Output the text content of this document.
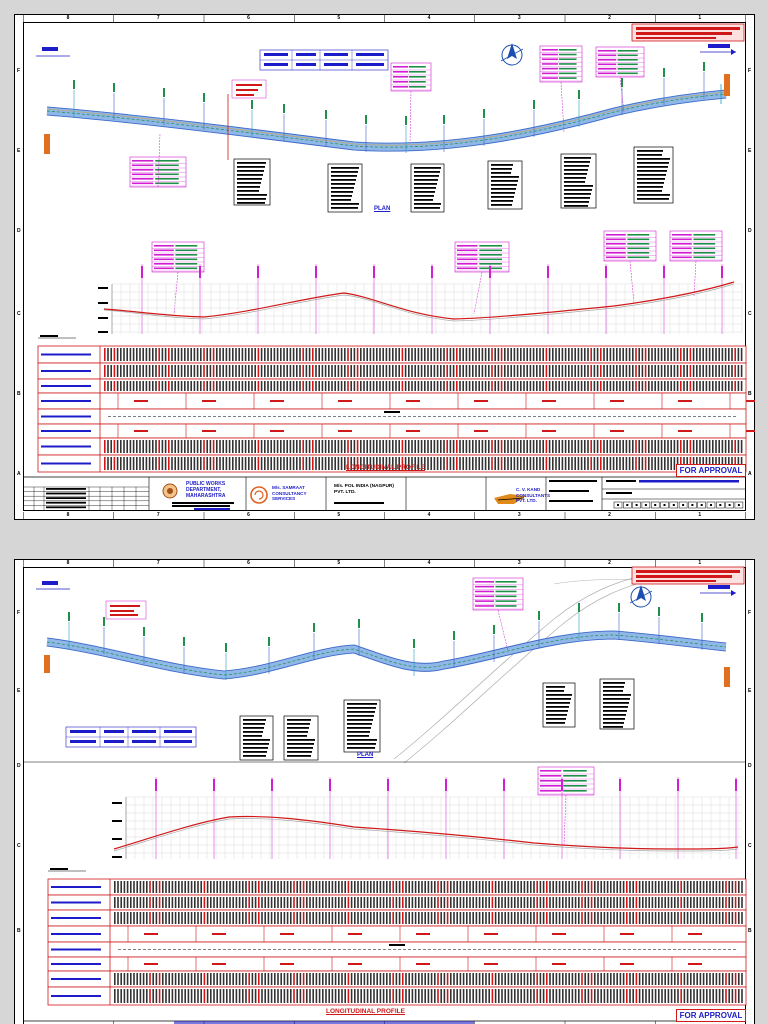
PLAN
LONGITUDINAL PROFILE	FOR APPROVAL
PUBLIC WORKS DEPARTMENT, MAHARASHTRA
M/s. SAMRAAT CONSULTANCY SERVICES
M/s. POL INDIA (NAGPUR) PVT. LTD.
C. V. KAND CONSULTANTS PVT. LTD.
8
8
7
7
6
6
5
5
4
4
3
3
2
2
1
1
F	F
E	E
D	D
C	C
B	B
A	A
PLAN
LONGITUDINAL PROFILE	FOR APPROVAL
8	7	6	5	4	3	2	1
F	F
E	E
D	D
C	C
B	B
